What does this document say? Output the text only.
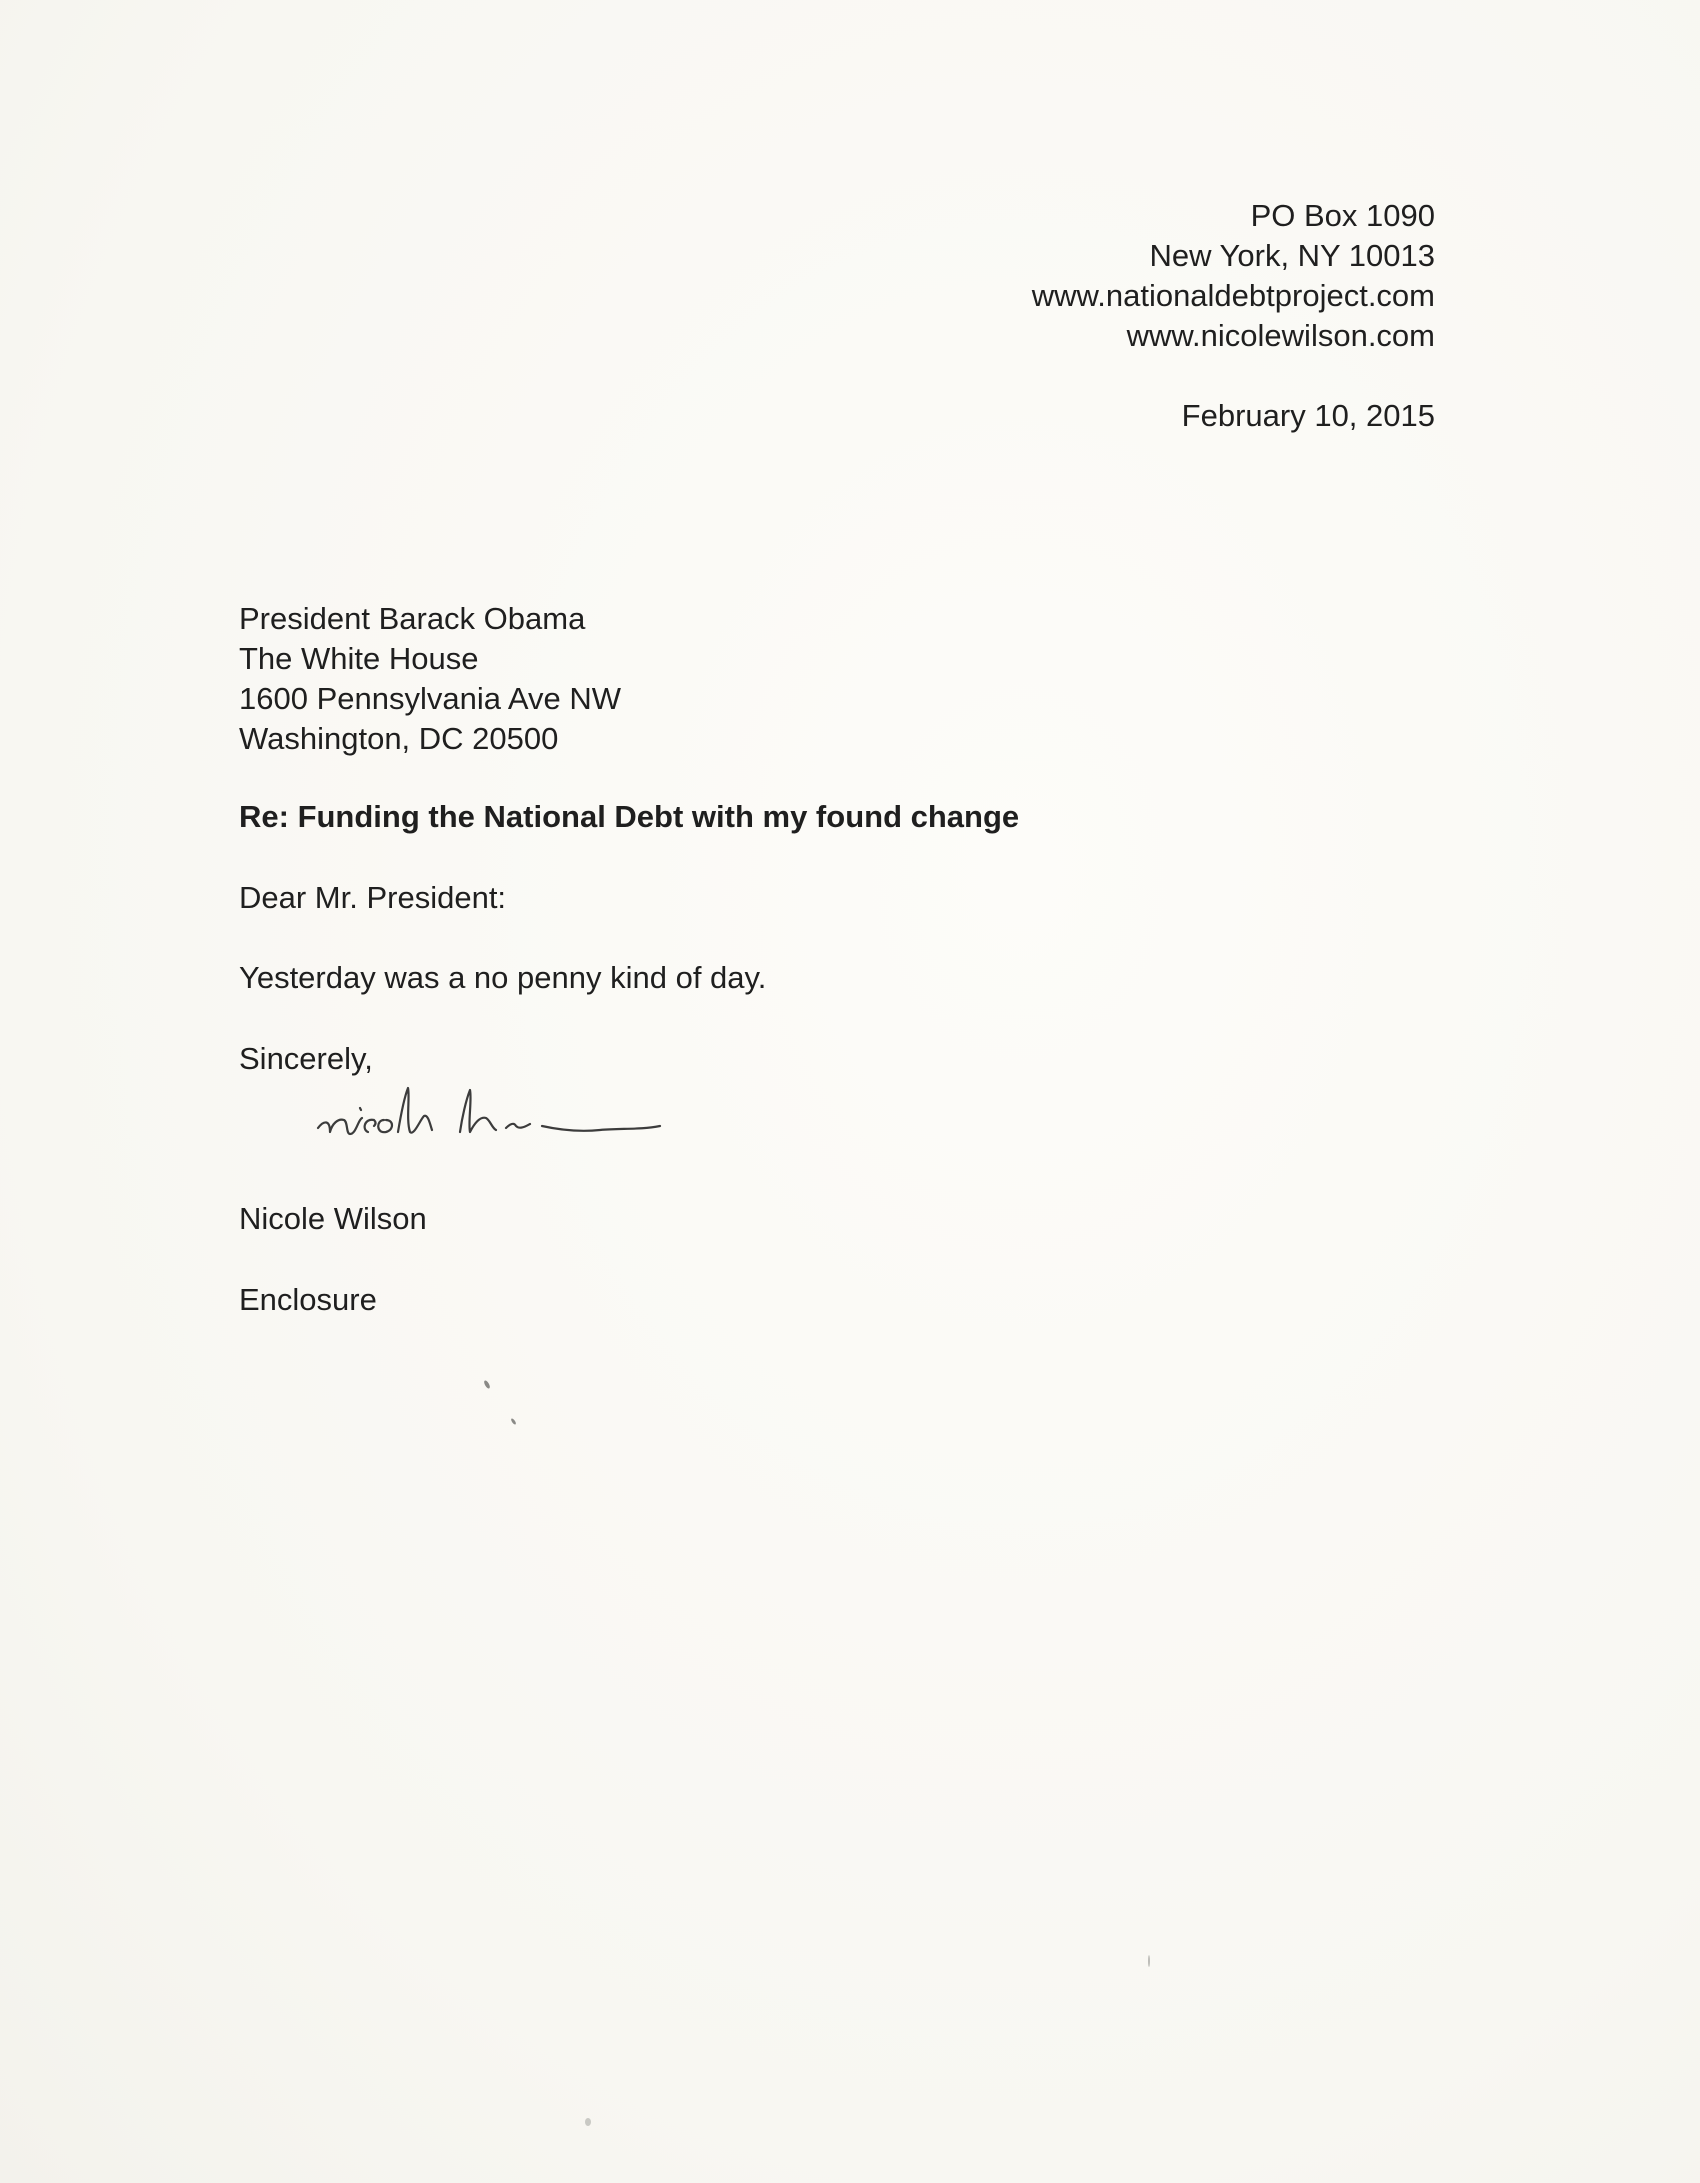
PO Box 1090
New York, NY 10013
www.nationaldebtproject.com
www.nicolewilson.com
February 10, 2015
President Barack Obama
The White House
1600 Pennsylvania Ave NW
Washington, DC 20500
Re: Funding the National Debt with my found change
Dear Mr. President:
Yesterday was a no penny kind of day.
Sincerely,
Nicole Wilson
Enclosure
